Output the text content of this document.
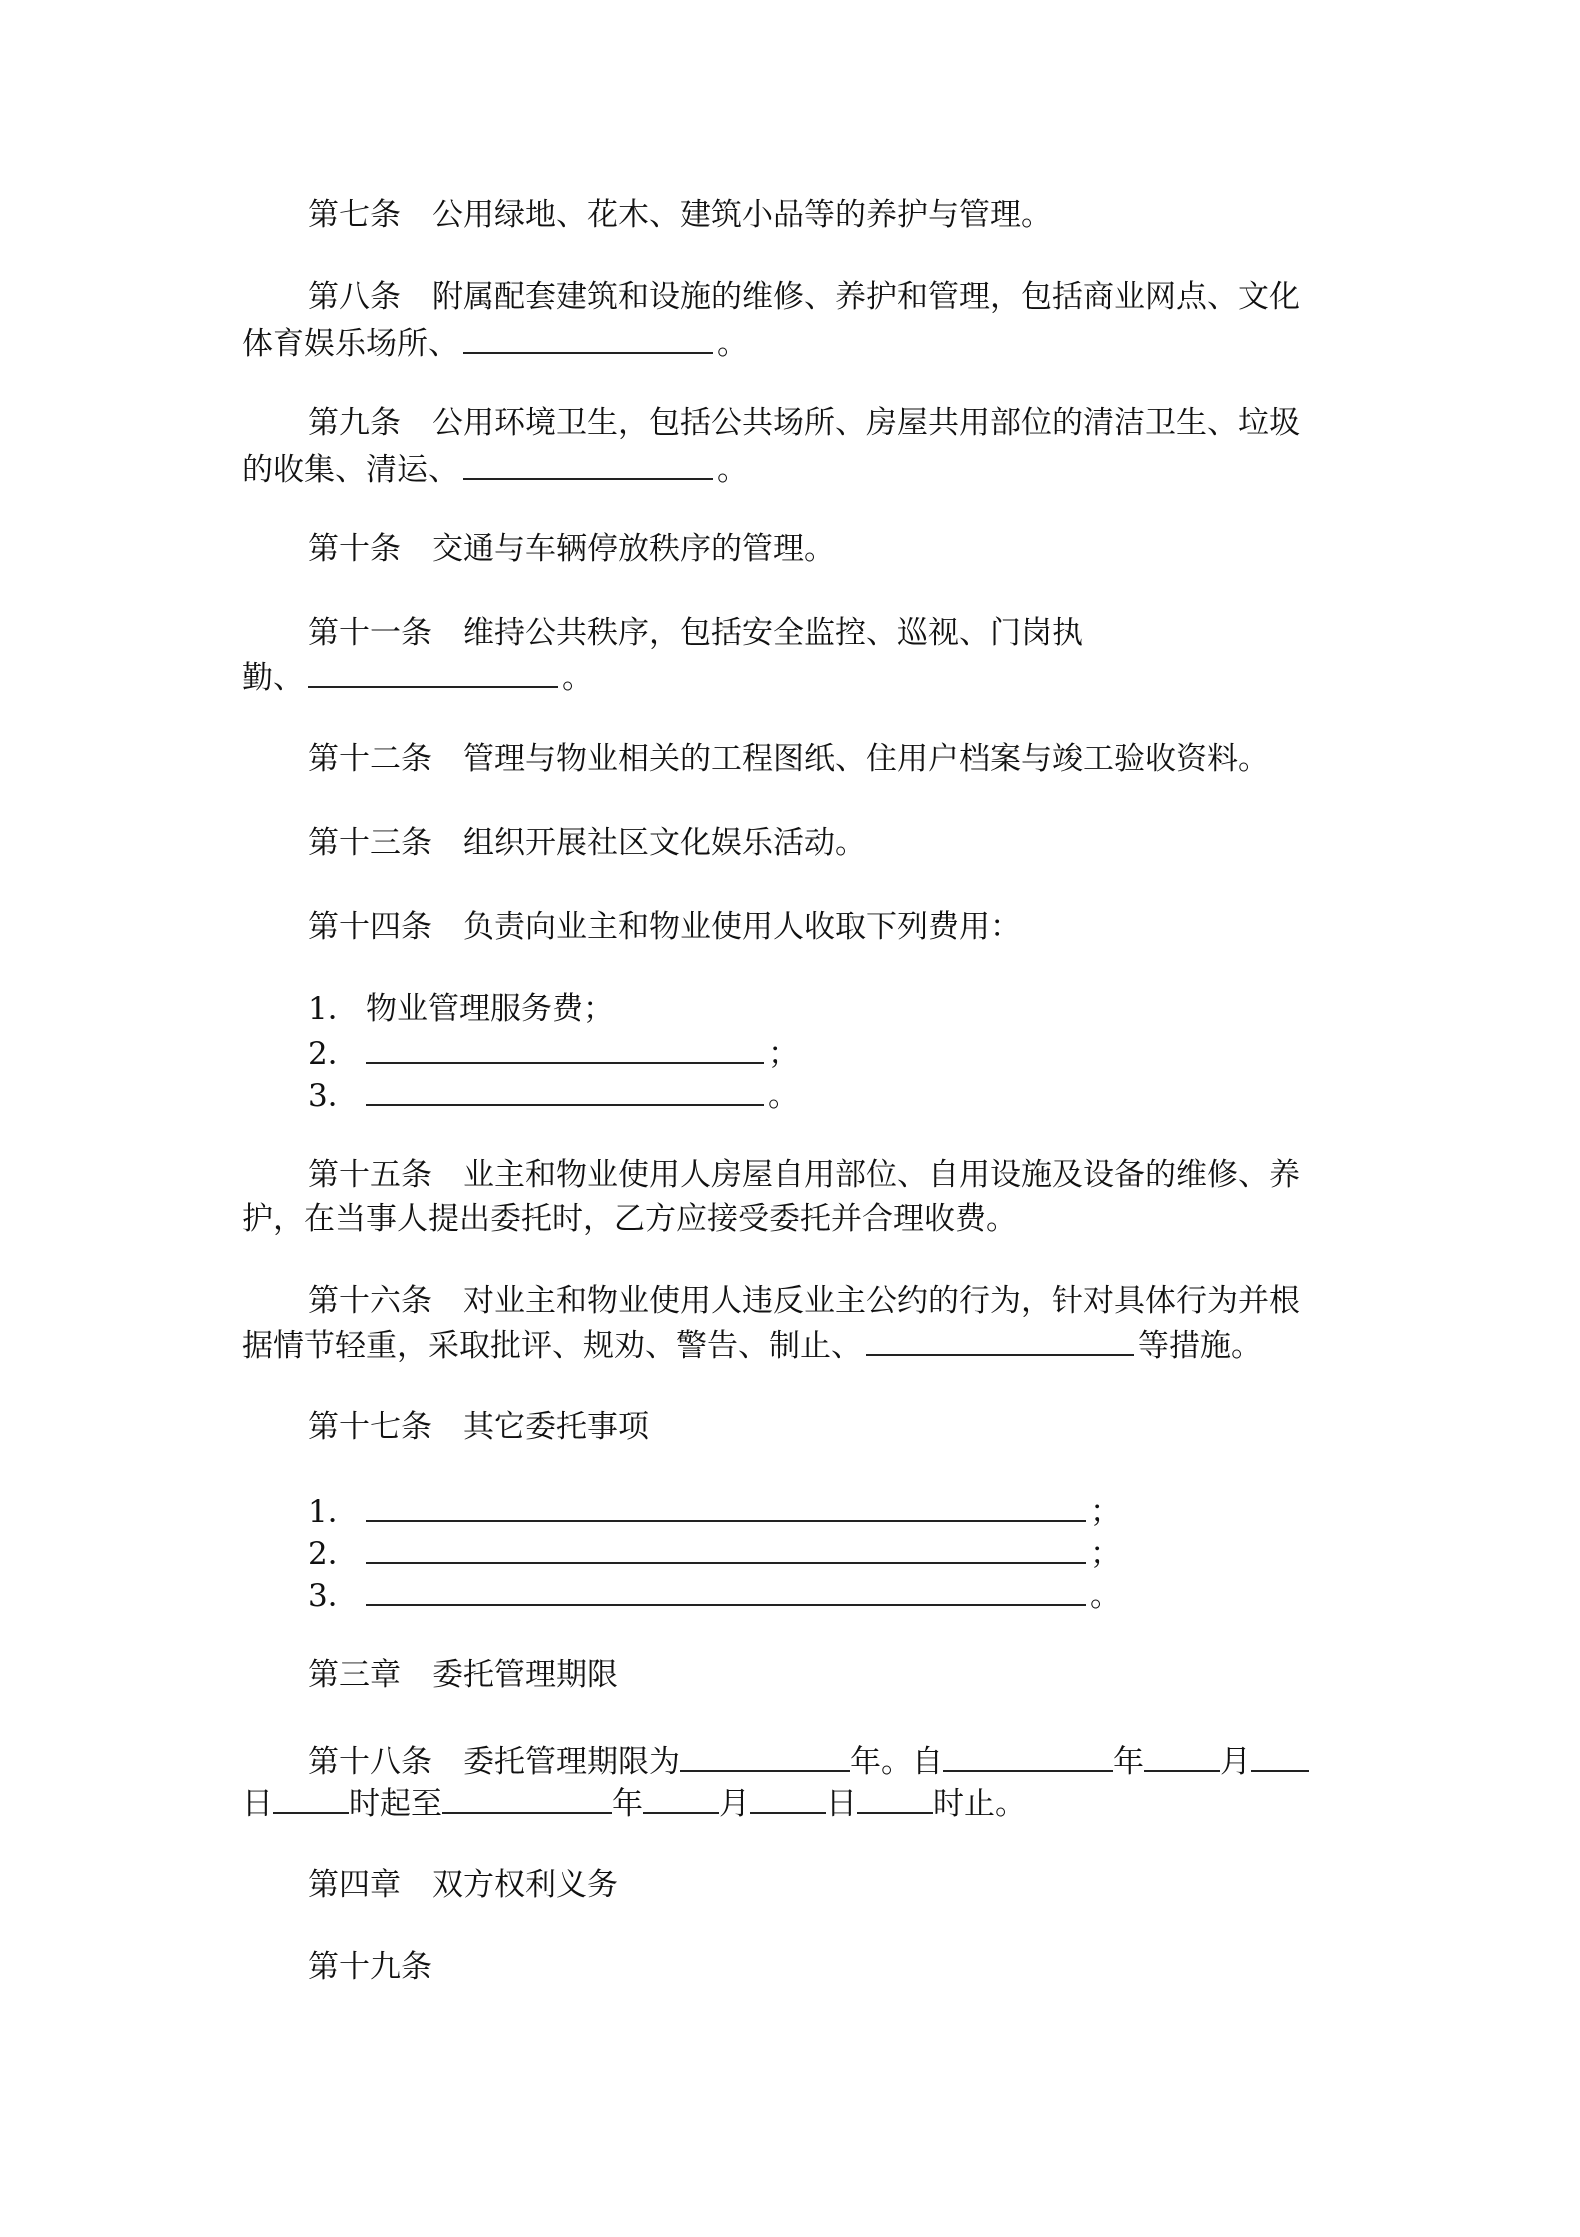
第七条　公用绿地、花木、建筑小品等的养护与管理。
第八条　附属配套建筑和设施的维修、养护和管理，包括商业网点、文化
体育娱乐场所、	。
第九条　公用环境卫生，包括公共场所、房屋共用部位的清洁卫生、垃圾
的收集、清运、	。
第十条　交通与车辆停放秩序的管理。
第十一条　维持公共秩序，包括安全监控、巡视、门岗执
勤、	。
第十二条　管理与物业相关的工程图纸、住用户档案与竣工验收资料。
第十三条　组织开展社区文化娱乐活动。
第十四条　负责向业主和物业使用人收取下列费用：
1． 物业管理服务费；
2．	；
3．	。
第十五条　业主和物业使用人房屋自用部位、自用设施及设备的维修、养
护，在当事人提出委托时，乙方应接受委托并合理收费。
第十六条　对业主和物业使用人违反业主公约的行为，针对具体行为并根
据情节轻重，采取批评、规劝、警告、制止、	等措施。
第十七条　其它委托事项
1．	；
2．	；
3．	。
第三章　委托管理期限
第十八条　委托管理期限为	年。自	年 月
日 时起至	年 月 日 时止。
第四章　双方权利义务
第十九条
